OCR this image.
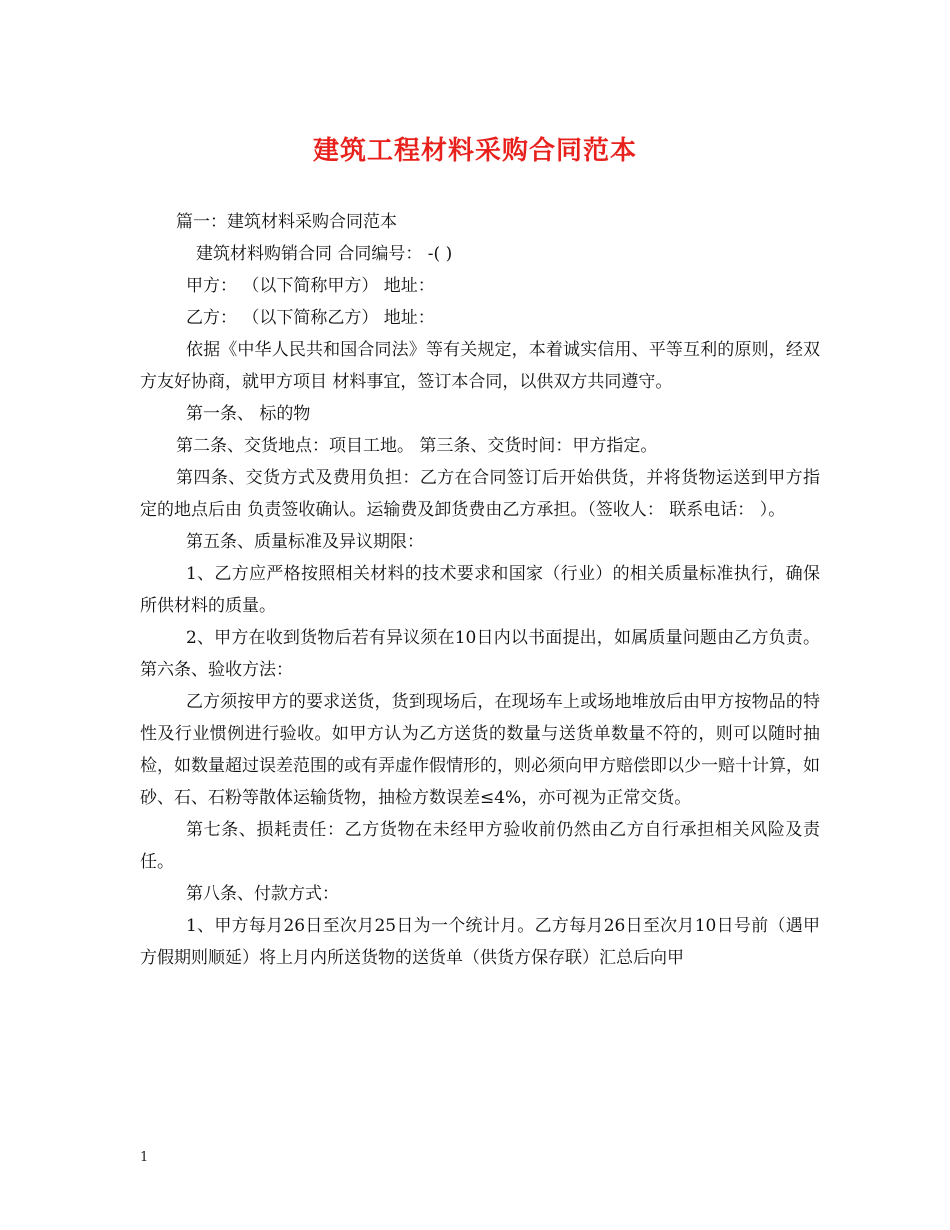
建筑工程材料采购合同范本

篇一：建筑材料采购合同范本

建筑材料购销合同 合同编号： -( )

甲方： （以下简称甲方） 地址：

乙方： （以下简称乙方） 地址：

依据《中华人民共和国合同法》等有关规定，本着诚实信用、平等互利的原则，经双方友好协商，就甲方项目 材料事宜，签订本合同，以供双方共同遵守。

第一条、 标的物

第二条、交货地点：项目工地。 第三条、交货时间：甲方指定。

第四条、交货方式及费用负担：乙方在合同签订后开始供货，并将货物运送到甲方指定的地点后由 负责签收确认。运输费及卸货费由乙方承担。（签收人： 联系电话： ）。

第五条、质量标准及异议期限：

1、乙方应严格按照相关材料的技术要求和国家（行业）的相关质量标准执行，确保所供材料的质量。

2、甲方在收到货物后若有异议须在10日内以书面提出，如属质量问题由乙方负责。 第六条、验收方法：

乙方须按甲方的要求送货，货到现场后，在现场车上或场地堆放后由甲方按物品的特性及行业惯例进行验收。如甲方认为乙方送货的数量与送货单数量不符的，则可以随时抽检，如数量超过误差范围的或有弄虚作假情形的，则必须向甲方赔偿即以少一赔十计算，如砂、石、石粉等散体运输货物，抽检方数误差≤4%，亦可视为正常交货。

第七条、损耗责任：乙方货物在未经甲方验收前仍然由乙方自行承担相关风险及责任。

第八条、付款方式：

1、甲方每月26日至次月25日为一个统计月。乙方每月26日至次月10日号前（遇甲方假期则顺延）将上月内所送货物的送货单（供货方保存联）汇总后向甲

1
